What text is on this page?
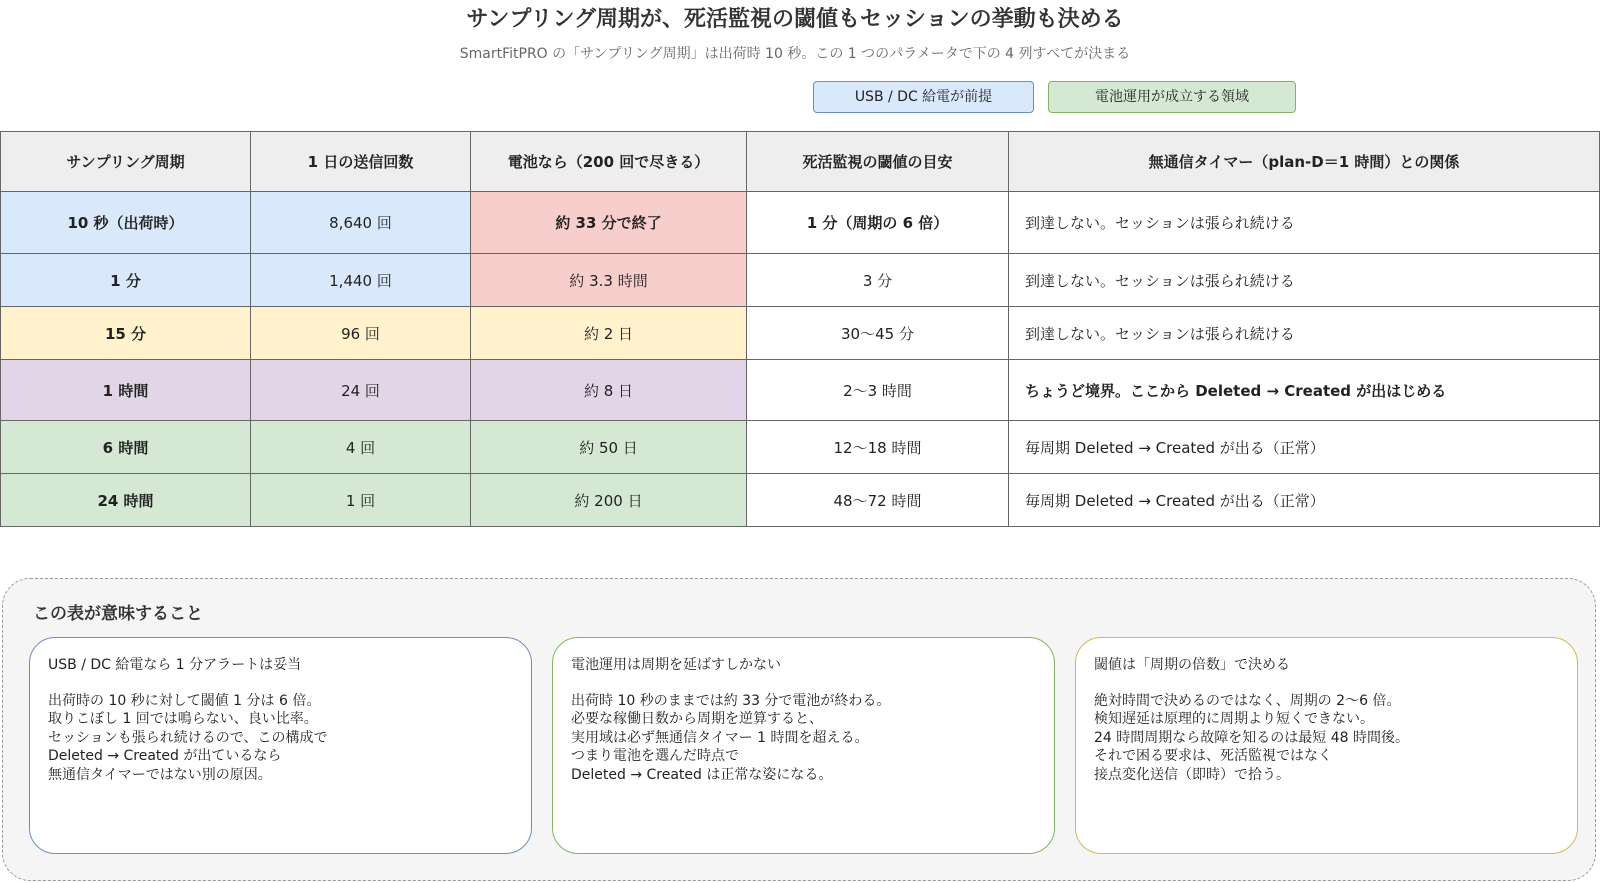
サンプリング周期が、死活監視の閾値もセッションの挙動も決める
SmartFitPRO の「サンプリング周期」は出荷時 10 秒。この 1 つのパラメータで下の 4 列すべてが決まる
USB / DC 給電が前提	電池運用が成立する領域
サンプリング周期	1 日の送信回数	電池なら（200 回で尽きる）	死活監視の閾値の目安	無通信タイマー（plan-D＝1 時間）との関係
10 秒（出荷時）	8,640 回	約 33 分で終了	1 分（周期の 6 倍）	到達しない。セッションは張られ続ける
1 分	1,440 回	約 3.3 時間	3 分	到達しない。セッションは張られ続ける
15 分	96 回	約 2 日	30〜45 分	到達しない。セッションは張られ続ける
1 時間	24 回	約 8 日	2〜3 時間	ちょうど境界。ここから Deleted → Created が出はじめる
6 時間	4 回	約 50 日	12〜18 時間	毎周期 Deleted → Created が出る（正常）
24 時間	1 回	約 200 日	48〜72 時間	毎周期 Deleted → Created が出る（正常）
この表が意味すること
USB / DC 給電なら 1 分アラートは妥当
出荷時の 10 秒に対して閾値 1 分は 6 倍。
取りこぼし 1 回では鳴らない、良い比率。
セッションも張られ続けるので、この構成で
Deleted → Created が出ているなら
無通信タイマーではない別の原因。
電池運用は周期を延ばすしかない
出荷時 10 秒のままでは約 33 分で電池が終わる。
必要な稼働日数から周期を逆算すると、
実用域は必ず無通信タイマー 1 時間を超える。
つまり電池を選んだ時点で
Deleted → Created は正常な姿になる。
閾値は「周期の倍数」で決める
絶対時間で決めるのではなく、周期の 2〜6 倍。
検知遅延は原理的に周期より短くできない。
24 時間周期なら故障を知るのは最短 48 時間後。
それで困る要求は、死活監視ではなく
接点変化送信（即時）で拾う。
